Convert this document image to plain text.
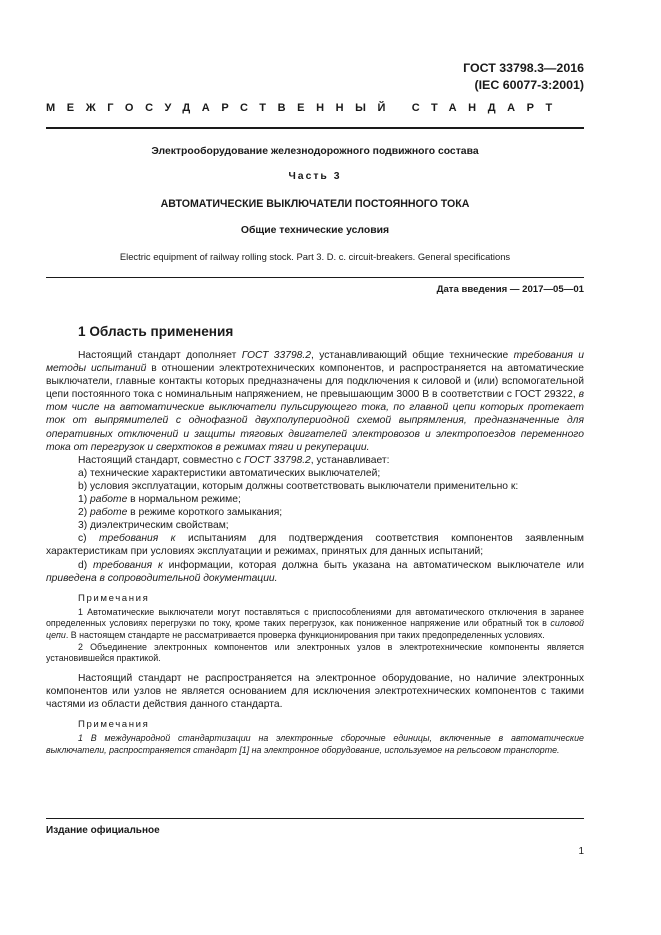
ГОСТ 33798.3—2016
(IEC 60077-3:2001)
МЕЖГОСУДАРСТВЕННЫЙ СТАНДАРТ
Электрооборудование железнодорожного подвижного состава
Часть 3
АВТОМАТИЧЕСКИЕ ВЫКЛЮЧАТЕЛИ ПОСТОЯННОГО ТОКА
Общие технические условия
Electric equipment of railway rolling stock. Part 3. D. c. circuit-breakers. General specifications
Дата введения — 2017—05—01
1 Область применения

Настоящий стандарт дополняет ГОСТ 33798.2, устанавливающий общие технические требования и методы испытаний в отношении электротехнических компонентов, и распространяется на автоматические выключатели, главные контакты которых предназначены для подключения к силовой и (или) вспомогательной цепи постоянного тока с номинальным напряжением, не превышающим 3000 В в соответствии с ГОСТ 29322, в том числе на автоматические выключатели пульсирующего тока, по главной цепи которых протекает ток от выпрямителей с однофазной двухполупериодной схемой выпрямления, предназначенные для оперативных отключений и защиты тяговых двигателей электровозов и электропоездов переменного тока от перегрузок и сверхтоков в режимах тяги и рекуперации.

Настоящий стандарт, совместно с ГОСТ 33798.2, устанавливает:

a) технические характеристики автоматических выключателей;

b) условия эксплуатации, которым должны соответствовать выключатели применительно к:

1) работе в нормальном режиме;

2) работе в режиме короткого замыкания;

3) диэлектрическим свойствам;

c) требования к испытаниям для подтверждения соответствия компонентов заявленным характеристикам при условиях эксплуатации и режимах, принятых для данных испытаний;

d) требования к информации, которая должна быть указана на автоматическом выключателе или приведена в сопроводительной документации.

Примечания

1 Автоматические выключатели могут поставляться с приспособлениями для автоматического отключения в заранее определенных условиях перегрузки по току, кроме таких перегрузок, как пониженное напряжение или обратный ток в силовой цепи. В настоящем стандарте не рассматривается проверка функционирования при таких предопределенных условиях.

2 Объединение электронных компонентов или электронных узлов в электротехнические компоненты является установившейся практикой.

Настоящий стандарт не распространяется на электронное оборудование, но наличие электронных компонентов или узлов не является основанием для исключения электротехнических компонентов с такими частями из области действия данного стандарта.

Примечания

1 В международной стандартизации на электронные сборочные единицы, включенные в автоматические выключатели, распространяется стандарт [1] на электронное оборудование, используемое на рельсовом транспорте.

Издание официальное
1
